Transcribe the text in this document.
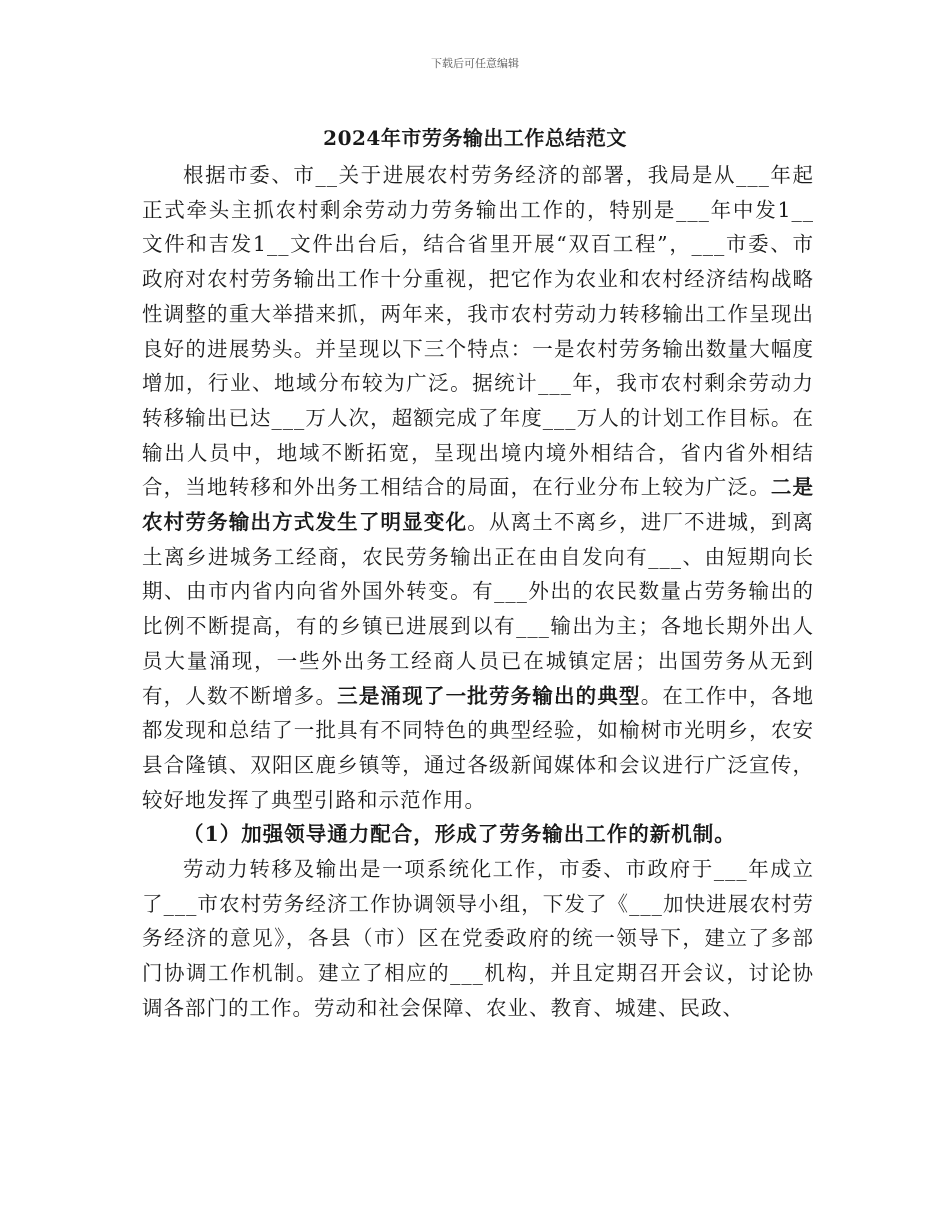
下载后可任意编辑
2024年市劳务输出工作总结范文

根据市委、市__关于进展农村劳务经济的部署，我局是从___年起正式牵头主抓农村剩余劳动力劳务输出工作的，特别是___年中发1__文件和吉发1__文件出台后，结合省里开展“双百工程”，___市委、市政府对农村劳务输出工作十分重视，把它作为农业和农村经济结构战略性调整的重大举措来抓，两年来，我市农村劳动力转移输出工作呈现出良好的进展势头。并呈现以下三个特点：一是农村劳务输出数量大幅度增加，行业、地域分布较为广泛。据统计___年，我市农村剩余劳动力转移输出已达___万人次，超额完成了年度___万人的计划工作目标。在输出人员中，地域不断拓宽，呈现出境内境外相结合，省内省外相结合，当地转移和外出务工相结合的局面，在行业分布上较为广泛。二是农村劳务输出方式发生了明显变化。从离土不离乡，进厂不进城，到离土离乡进城务工经商，农民劳务输出正在由自发向有___、由短期向长期、由市内省内向省外国外转变。有___外出的农民数量占劳务输出的比例不断提高，有的乡镇已进展到以有___输出为主；各地长期外出人员大量涌现，一些外出务工经商人员已在城镇定居；出国劳务从无到有，人数不断增多。三是涌现了一批劳务输出的典型。在工作中，各地都发现和总结了一批具有不同特色的典型经验，如榆树市光明乡，农安县合隆镇、双阳区鹿乡镇等，通过各级新闻媒体和会议进行广泛宣传，较好地发挥了典型引路和示范作用。

（1）加强领导通力配合，形成了劳务输出工作的新机制。

劳动力转移及输出是一项系统化工作，市委、市政府于___年成立了___市农村劳务经济工作协调领导小组，下发了《___加快进展农村劳务经济的意见》，各县（市）区在党委政府的统一领导下，建立了多部门协调工作机制。建立了相应的___机构，并且定期召开会议，讨论协调各部门的工作。劳动和社会保障、农业、教育、城建、民政、
